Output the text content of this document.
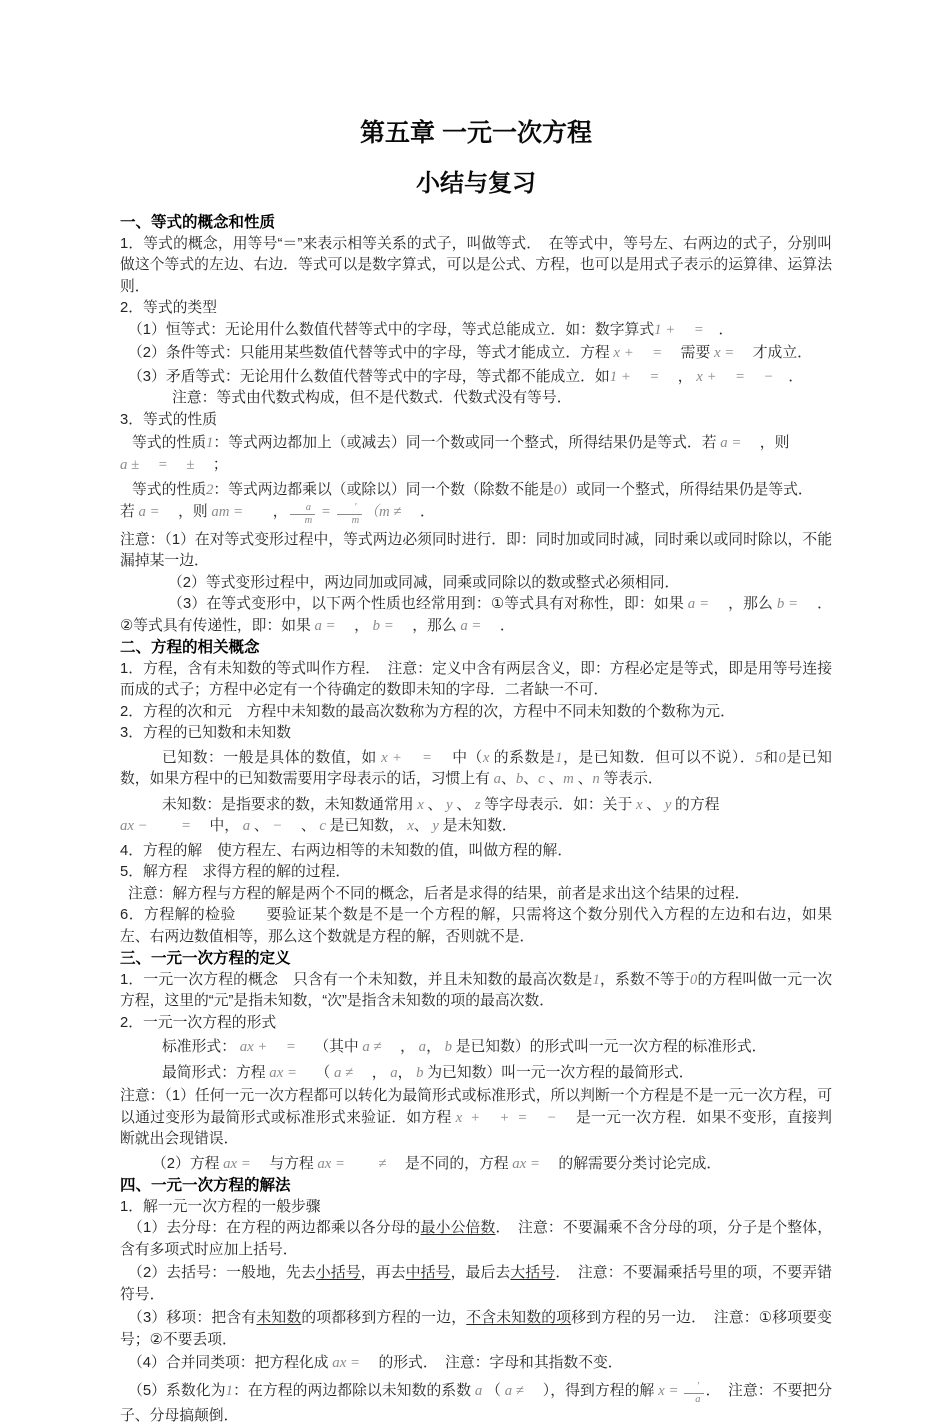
第五章 一元一次方程
小结与复习
一、等式的概念和性质

1．等式的概念，用等号“＝”来表示相等关系的式子，叫做等式．　在等式中，等号左、右两边的式子，分别叫做这个等式的左边、右边．等式可以是数字算式，可以是公式、方程，也可以是用式子表示的运算律、运算法则．

2．等式的类型

（1）恒等式：无论用什么数值代替等式中的字母，等式总能成立．如：数字算式1 +　 =　．

（2）条件等式：只能用某些数值代替等式中的字母，等式才能成立．方程 x +　 =　 需要 x =　 才成立．

（3）矛盾等式：无论用什么数值代替等式中的字母，等式都不能成立．如1 +　 =　 ， x +　 =　 −　．

注意：等式由代数式构成，但不是代数式．代数式没有等号．

3．等式的性质

等式的性质1：等式两边都加上（或减去）同一个数或同一个整式，所得结果仍是等式．若 a =　 ，则
a ±　 =　 ±　 ；

等式的性质2：等式两边都乘以（或除以）同一个数（除数不能是0）或同一个整式，所得结果仍是等式．
若 a =　 ，则 am =　　， $\frac{a}{m} = \frac{'}{m} (m$ ≠　 ．

注意：（1）在对等式变形过程中，等式两边必须同时进行．即：同时加或同时减，同时乘以或同时除以，不能漏掉某一边．

（2）等式变形过程中，两边同加或同减，同乘或同除以的数或整式必须相同．

（3）在等式变形中，以下两个性质也经常用到：①等式具有对称性，即：如果 a =　 ，那么 b =　 ．②等式具有传递性，即：如果 a =　 ， b =　 ，那么 a =　 ．

二、方程的相关概念

1．方程，含有未知数的等式叫作方程．　注意：定义中含有两层含义，即：方程必定是等式，即是用等号连接而成的式子；方程中必定有一个待确定的数即未知的字母．二者缺一不可．

2．方程的次和元　方程中未知数的最高次数称为方程的次，方程中不同未知数的个数称为元．

3．方程的已知数和未知数

已知数：一般是具体的数值，如 x +　 =　 中（x 的系数是1，是已知数．但可以不说）．5和0是已知数，如果方程中的已知数需要用字母表示的话，习惯上有 a、b、c 、m 、n 等表示．

未知数：是指要求的数，未知数通常用 x 、 y 、 z 等字母表示．如：关于 x 、 y 的方程
ax −　　 =　 中， a 、 −　 、 c 是已知数， x、 y 是未知数．

4．方程的解　使方程左、右两边相等的未知数的值，叫做方程的解．

5．解方程　求得方程的解的过程．

注意：解方程与方程的解是两个不同的概念，后者是求得的结果，前者是求出这个结果的过程．

6．方程解的检验　　要验证某个数是不是一个方程的解，只需将这个数分别代入方程的左边和右边，如果左、右两边数值相等，那么这个数就是方程的解，否则就不是．

三、一元一次方程的定义

1．一元一次方程的概念　只含有一个未知数，并且未知数的最高次数是1，系数不等于0的方程叫做一元一次方程，这里的“元”是指未知数，“次”是指含未知数的项的最高次数．

2．一元一次方程的形式

标准形式： ax +　 =　 （其中 a ≠　 ， a， b 是已知数）的形式叫一元一次方程的标准形式．

最简形式：方程 ax =　 （ a ≠　 ， a， b 为已知数）叫一元一次方程的最简形式．

注意：（1）任何一元一次方程都可以转化为最简形式或标准形式，所以判断一个方程是不是一元一次方程，可以通过变形为最简形式或标准形式来验证．如方程 x  +　 +  =　 −　 是一元一次方程．如果不变形，直接判断就出会现错误．

（2）方程 ax =　 与方程 ax =　　 ≠　 是不同的，方程 ax =　 的解需要分类讨论完成．

四、一元一次方程的解法

1．解一元一次方程的一般步骤

（1）去分母：在方程的两边都乘以各分母的最小公倍数．　注意：不要漏乘不含分母的项，分子是个整体，含有多项式时应加上括号．

（2）去括号：一般地，先去小括号，再去中括号，最后去大括号．　注意：不要漏乘括号里的项，不要弄错符号．

（3）移项：把含有未知数的项都移到方程的一边，不含未知数的项移到方程的另一边．　注意：①移项要变号；②不要丢项．

（4）合并同类项：把方程化成 ax =　 的形式．　注意：字母和其指数不变．

（5）系数化为1：在方程的两边都除以未知数的系数 a （ a ≠　 ），得到方程的解 $x = \frac{'}{a}$ ．　注意：不要把分子、分母搞颠倒．
